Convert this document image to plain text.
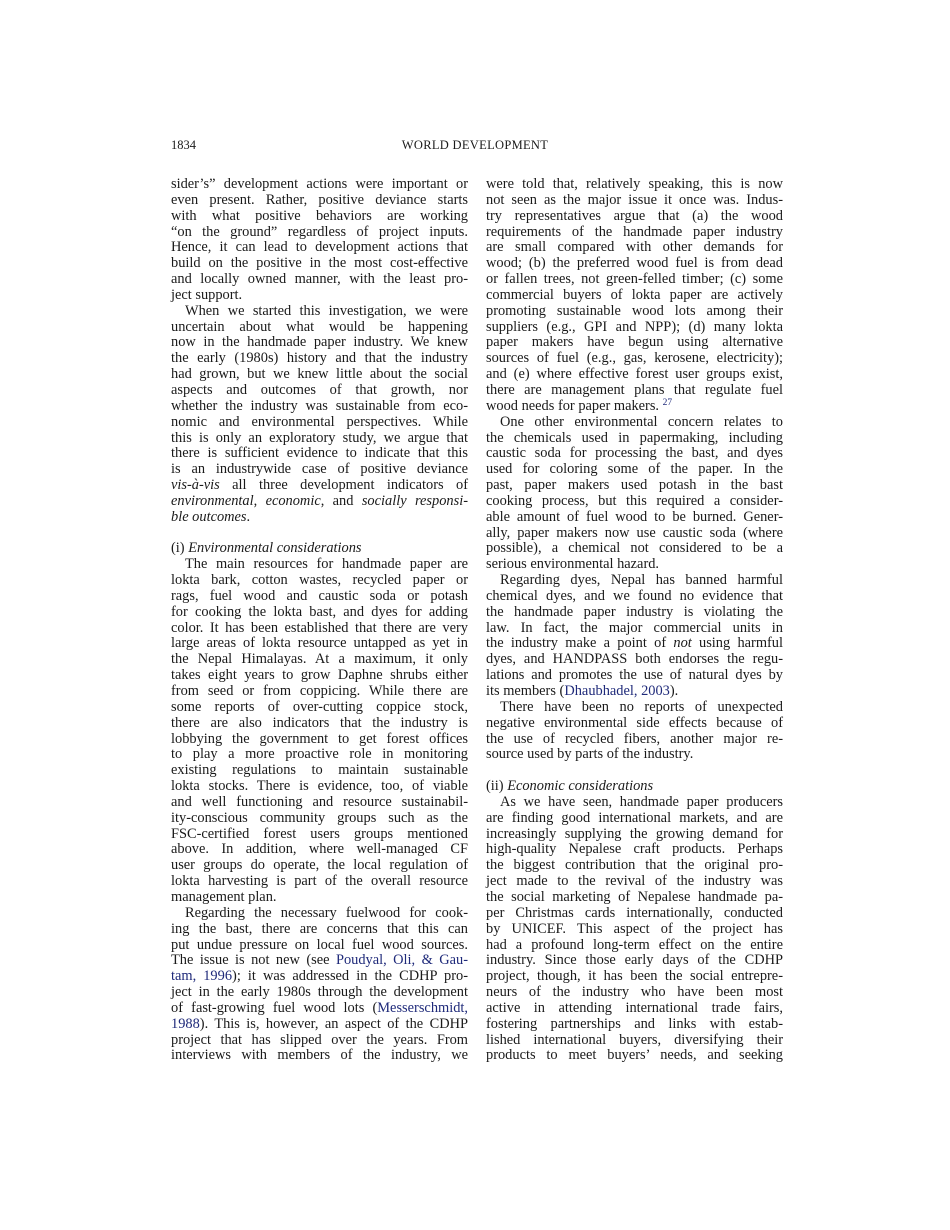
1834	WORLD DEVELOPMENT
sider’s” development actions were important or
even present. Rather, positive deviance starts
with what positive behaviors are working
“on the ground” regardless of project inputs.
Hence, it can lead to development actions that
build on the positive in the most cost-effective
and locally owned manner, with the least pro-
ject support.
When we started this investigation, we were
uncertain about what would be happening
now in the handmade paper industry. We knew
the early (1980s) history and that the industry
had grown, but we knew little about the social
aspects and outcomes of that growth, nor
whether the industry was sustainable from eco-
nomic and environmental perspectives. While
this is only an exploratory study, we argue that
there is sufficient evidence to indicate that this
is an industrywide case of positive deviance
vis-à-vis all three development indicators of
environmental, economic, and socially responsi-
ble outcomes.
(i) Environmental considerations
The main resources for handmade paper are
lokta bark, cotton wastes, recycled paper or
rags, fuel wood and caustic soda or potash
for cooking the lokta bast, and dyes for adding
color. It has been established that there are very
large areas of lokta resource untapped as yet in
the Nepal Himalayas. At a maximum, it only
takes eight years to grow Daphne shrubs either
from seed or from coppicing. While there are
some reports of over-cutting coppice stock,
there are also indicators that the industry is
lobbying the government to get forest offices
to play a more proactive role in monitoring
existing regulations to maintain sustainable
lokta stocks. There is evidence, too, of viable
and well functioning and resource sustainabil-
ity-conscious community groups such as the
FSC-certified forest users groups mentioned
above. In addition, where well-managed CF
user groups do operate, the local regulation of
lokta harvesting is part of the overall resource
management plan.
Regarding the necessary fuelwood for cook-
ing the bast, there are concerns that this can
put undue pressure on local fuel wood sources.
The issue is not new (see Poudyal, Oli, & Gau-
tam, 1996); it was addressed in the CDHP pro-
ject in the early 1980s through the development
of fast-growing fuel wood lots (Messerschmidt,
1988). This is, however, an aspect of the CDHP
project that has slipped over the years. From
interviews with members of the industry, we
were told that, relatively speaking, this is now
not seen as the major issue it once was. Indus-
try representatives argue that (a) the wood
requirements of the handmade paper industry
are small compared with other demands for
wood; (b) the preferred wood fuel is from dead
or fallen trees, not green-felled timber; (c) some
commercial buyers of lokta paper are actively
promoting sustainable wood lots among their
suppliers (e.g., GPI and NPP); (d) many lokta
paper makers have begun using alternative
sources of fuel (e.g., gas, kerosene, electricity);
and (e) where effective forest user groups exist,
there are management plans that regulate fuel
wood needs for paper makers. $^{27}$
One other environmental concern relates to
the chemicals used in papermaking, including
caustic soda for processing the bast, and dyes
used for coloring some of the paper. In the
past, paper makers used potash in the bast
cooking process, but this required a consider-
able amount of fuel wood to be burned. Gener-
ally, paper makers now use caustic soda (where
possible), a chemical not considered to be a
serious environmental hazard.
Regarding dyes, Nepal has banned harmful
chemical dyes, and we found no evidence that
the handmade paper industry is violating the
law. In fact, the major commercial units in
the industry make a point of not using harmful
dyes, and HANDPASS both endorses the regu-
lations and promotes the use of natural dyes by
its members (Dhaubhadel, 2003).
There have been no reports of unexpected
negative environmental side effects because of
the use of recycled fibers, another major re-
source used by parts of the industry.
(ii) Economic considerations
As we have seen, handmade paper producers
are finding good international markets, and are
increasingly supplying the growing demand for
high-quality Nepalese craft products. Perhaps
the biggest contribution that the original pro-
ject made to the revival of the industry was
the social marketing of Nepalese handmade pa-
per Christmas cards internationally, conducted
by UNICEF. This aspect of the project has
had a profound long-term effect on the entire
industry. Since those early days of the CDHP
project, though, it has been the social entrepre-
neurs of the industry who have been most
active in attending international trade fairs,
fostering partnerships and links with estab-
lished international buyers, diversifying their
products to meet buyers’ needs, and seeking
